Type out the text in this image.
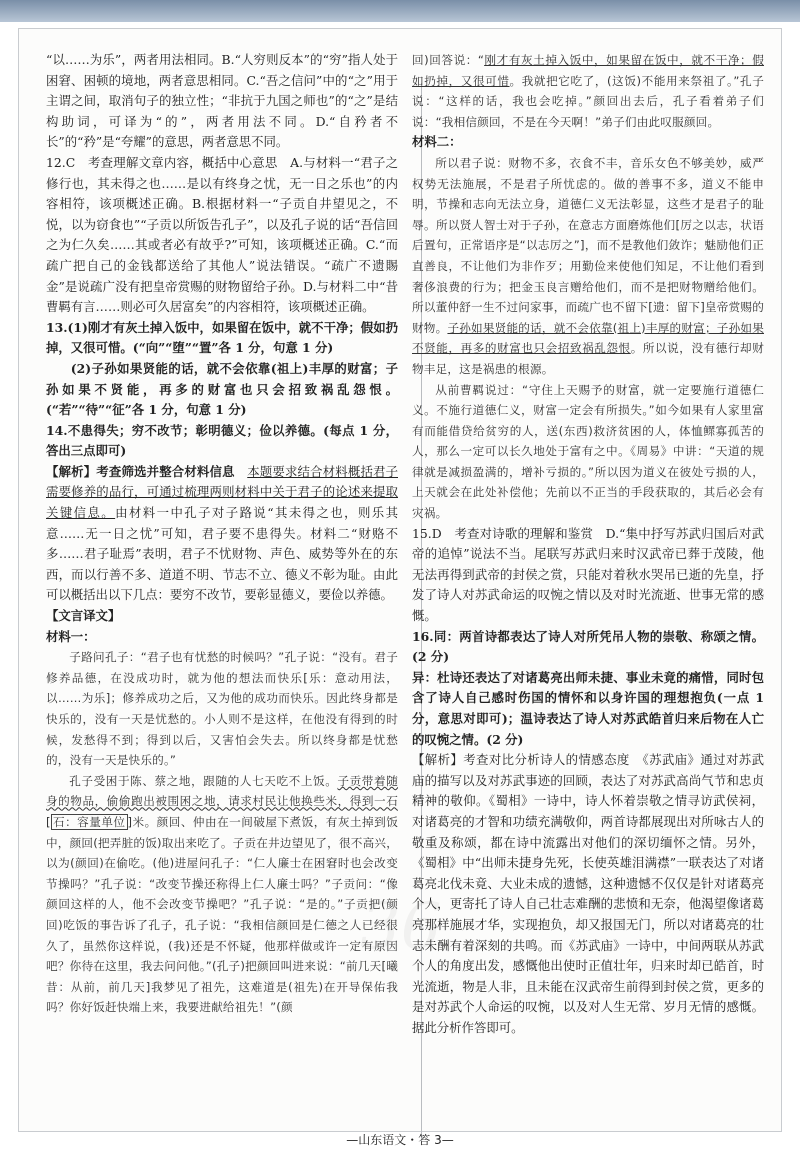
36

“以……为乐”，两者用法相同。B.“人穷则反本”的“穷”指人处于困窘、困顿的境地，两者意思相同。C.“吾之信问”中的“之”用于主谓之间，取消句子的独立性；“非抗于九国之师也”的“之”是结构助词，可译为“的”，两者用法不同。D.“自矜者不长”的“矜”是“夸耀”的意思，两者意思不同。

12.C　考查理解文章内容，概括中心意思　A.与材料一“君子之修行也，其未得之也……是以有终身之忧，无一日之乐也”的内容相符，该项概述正确。B.根据材料一“子贡自井望见之，不悦，以为窃食也”“子贡以所饭告孔子”，以及孔子说的话“吾信回之为仁久矣……其或者必有故乎?”可知，该项概述正确。C.“而疏广把自己的金钱都送给了其他人”说法错误。“疏广不遗賜金”是说疏广没有把皇帝赏赐的财物留给子孙。D.与材料二中“昔曹羁有言……则必可久居富矣”的内容相符，该项概述正确。

13.(1)刚才有灰土掉入饭中，如果留在饭中，就不干净；假如扔掉，又很可惜。(“向”“堕”“置”各 1 分，句意 1 分)

(2)子孙如果贤能的话，就不会依靠(祖上)丰厚的财富；子孙如果不贤能，再多的财富也只会招致祸乱怨恨。(“若”“待”“征”各 1 分，句意 1 分)

14.不患得失；穷不改节；彰明德义；俭以养德。(每点 1 分，答出三点即可)

【解析】考查筛选并整合材料信息　 本题要求结合材料概括君子需要修养的品行，可通过梳理两则材料中关于君子的论述来提取关键信息。由材料一中孔子对子路说“其未得之也，则乐其意……无一日之忧”可知，君子要不患得失。材料二“财赂不多……君子耻焉”表明，君子不忧财物、声色、威势等外在的东西，而以行善不多、道道不明、节志不立、德义不彰为耻。由此可以概括出以下几点：要穷不改节，要彰显德义，要俭以养德。

【文言译文】

材料一：

子路问孔子：“君子也有忧愁的时候吗？”孔子说：“没有。君子修养品德，在没成功时，就为他的想法而快乐[乐：意动用法，以……为乐]；修养成功之后，又为他的成功而快乐。因此终身都是快乐的，没有一天是忧愁的。小人则不是这样，在他没有得到的时候，发愁得不到；得到以后，又害怕会失去。所以终身都是忧愁的，没有一天是快乐的。”

孔子受困于陈、蔡之地，跟随的人七天吃不上饭。子贡带着随身的物品，偷偷跑出被围困之地，请求村民让他换些米，得到一石[ 石：容量单位 ]米。颜回、仲由在一间破屋下煮饭，有灰土掉到饭中，颜回(把弄脏的饭)取出来吃了。子贡在井边望见了，很不高兴，以为(颜回)在偷吃。(他)进屋问孔子：“仁人廉士在困窘时也会改变节操吗？”孔子说：“改变节操还称得上仁人廉士吗？”子贡问：“像颜回这样的人，他不会改变节操吧？”孔子说：“是的。”子贡把(颜回)吃饭的事告诉了孔子，孔子说：“我相信颜回是仁德之人已经很久了，虽然你这样说，(我)还是不怀疑，他那样做或许一定有原因吧？你待在这里，我去问问他。”(孔子)把颜回叫进来说：“前几天[曦昔：从前，前几天]我梦见了祖先，这难道是(祖先)在开导保佑我吗？你好饭赶快端上来，我要进献给祖先！”(颜

回)回答说：“刚才有灰土掉入饭中，如果留在饭中，就不干净；假如扔掉，又很可惜。我就把它吃了，(这饭)不能用来祭祖了。”孔子说：“这样的话，我也会吃掉。”颜回出去后，孔子看着弟子们说：“我相信颜回，不是在今天啊！”弟子们由此叹服颜回。

材料二：

所以君子说：财物不多，衣食不丰，音乐女色不够美妙，威严权势无法施展，不是君子所忧虑的。做的善事不多，道义不能申明，节操和志向无法立身，道德仁义无法彰显，这些才是君子的耻辱。所以贤人智士对于子孙，在意志方面磨炼他们[厉之以志，状语后置句，正常语序是“以志厉之”]，而不是教他们敛诈；魅励他们正直善良，不让他们为非作歹；用勤俭来使他们知足，不让他们看到奢侈浪费的行为；把金玉良言赠给他们，而不是把财物赠给他们。所以董仲舒一生不过问家事，而疏广也不留下[遗：留下]皇帝赏赐的财物。子孙如果贤能的话，就不会依靠(祖上)丰厚的财富；子孙如果不贤能，再多的财富也只会招致祸乱怨恨。所以说，没有德行却财物丰足，这是祸患的根源。

从前曹羁说过：“守住上天赐予的财富，就一定要施行道德仁义。不施行道德仁义，财富一定会有所损失。”如今如果有人家里富有而能借贷给贫穷的人，送(东西)救济贫困的人，体恤鳏寡孤苦的人，那么一定可以长久地处于富有之中。《周易》中讲：“天道的规律就是减损盈满的，增补亏损的。”所以因为道义在彼处亏损的人，上天就会在此处补偿他；先前以不正当的手段获取的，其后必会有灾祸。

15.D　考查对诗歌的理解和鉴赏　D.“集中抒写苏武归国后对武帝的追悼”说法不当。尾联写苏武归来时汉武帝已葬于茂陵，他无法再得到武帝的封侯之赏，只能对着秋水哭吊已逝的先皇，抒发了诗人对苏武命运的叹惋之情以及对时光流逝、世事无常的感慨。

16.同：两首诗都表达了诗人对所凭吊人物的崇敬、称颂之情。(2 分)

异：杜诗还表达了对诸葛亮出师未捷、事业未竟的痛惜，同时包含了诗人自己感时伤国的情怀和以身许国的理想抱负(一点 1 分，意思对即可)；温诗表达了诗人对苏武皓首归来后物在人亡的叹惋之情。(2 分)

【解析】考查对比分析诗人的情感态度　《苏武庙》通过对苏武庙的描写以及对苏武事迹的回顾，表达了对苏武高尚气节和忠贞精神的敬仰。《蜀相》一诗中，诗人怀着崇敬之情寻访武侯祠，对诸葛亮的才智和功绩充满敬仰，两首诗都展现出对所咏古人的敬重及称颂，都在诗中流露出对他们的深切缅怀之情。另外，《蜀相》中“出师未捷身先死，长使英雄泪满襟”一联表达了对诸葛亮北伐未竟、大业未成的遗憾，这种遗憾不仅仅是针对诸葛亮个人，更寄托了诗人自己壮志难酬的悲愤和无奈，他渴望像诸葛亮那样施展才华，实现抱负，却又报国无门，所以对诸葛亮的壮志未酬有着深刻的共鸣。而《苏武庙》一诗中，中间两联从苏武个人的角度出发，感慨他出使时正值壮年，归来时却已皓首，时光流逝，物是人非，且未能在汉武帝生前得到封侯之赏，更多的是对苏武个人命运的叹惋，以及对人生无常、岁月无情的感慨。据此分析作答即可。

—山东语文・答 3—
